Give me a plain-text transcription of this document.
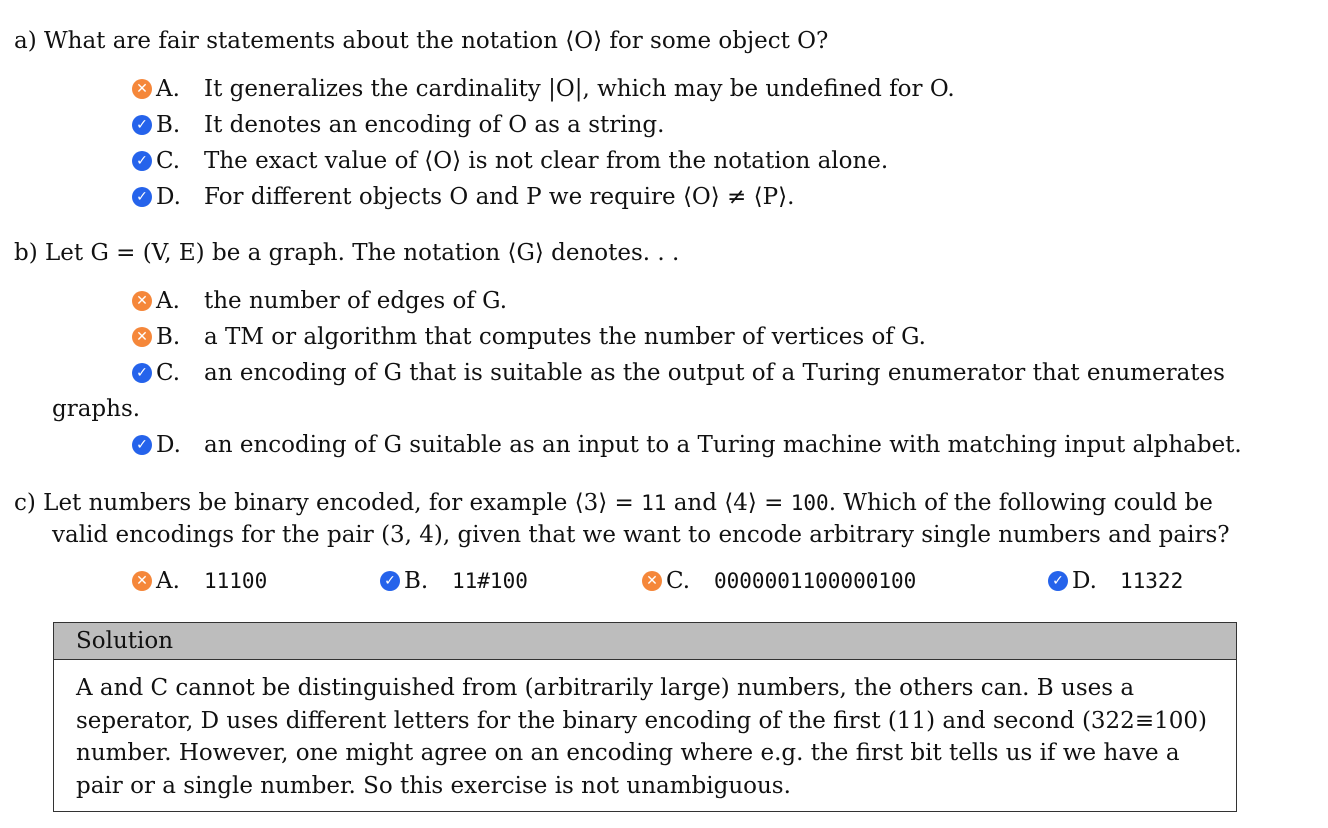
a) What are fair statements about the notation ⟨O⟩ for some object O?
✕ A.	It generalizes the cardinality |O|, which may be undefined for O.
✓ B.	It denotes an encoding of O as a string.
✓ C.	The exact value of ⟨O⟩ is not clear from the notation alone.
✓ D.	For different objects O and P we require ⟨O⟩ ≠ ⟨P⟩.
b) Let G = (V, E) be a graph. The notation ⟨G⟩ denotes. . .
✕ A.	the number of edges of G.
✕ B.	a TM or algorithm that computes the number of vertices of G.
✓ C.	an encoding of G that is suitable as the output of a Turing enumerator that enumerates
graphs.
✓ D.	an encoding of G suitable as an input to a Turing machine with matching input alphabet.
c) Let numbers be binary encoded, for example ⟨3⟩ = 11 and ⟨4⟩ = 100. Which of the following could be
valid encodings for the pair (3, 4), given that we want to encode arbitrary single numbers and pairs?
✕ A.	11100	✓ B.	11#100	✕ C.	0000001100000100	✓ D.	11322
Solution
A and C cannot be distinguished from (arbitrarily large) numbers, the others can. B uses a
seperator, D uses different letters for the binary encoding of the first (11) and second (322≡100)
number. However, one might agree on an encoding where e.g. the first bit tells us if we have a
pair or a single number. So this exercise is not unambiguous.
